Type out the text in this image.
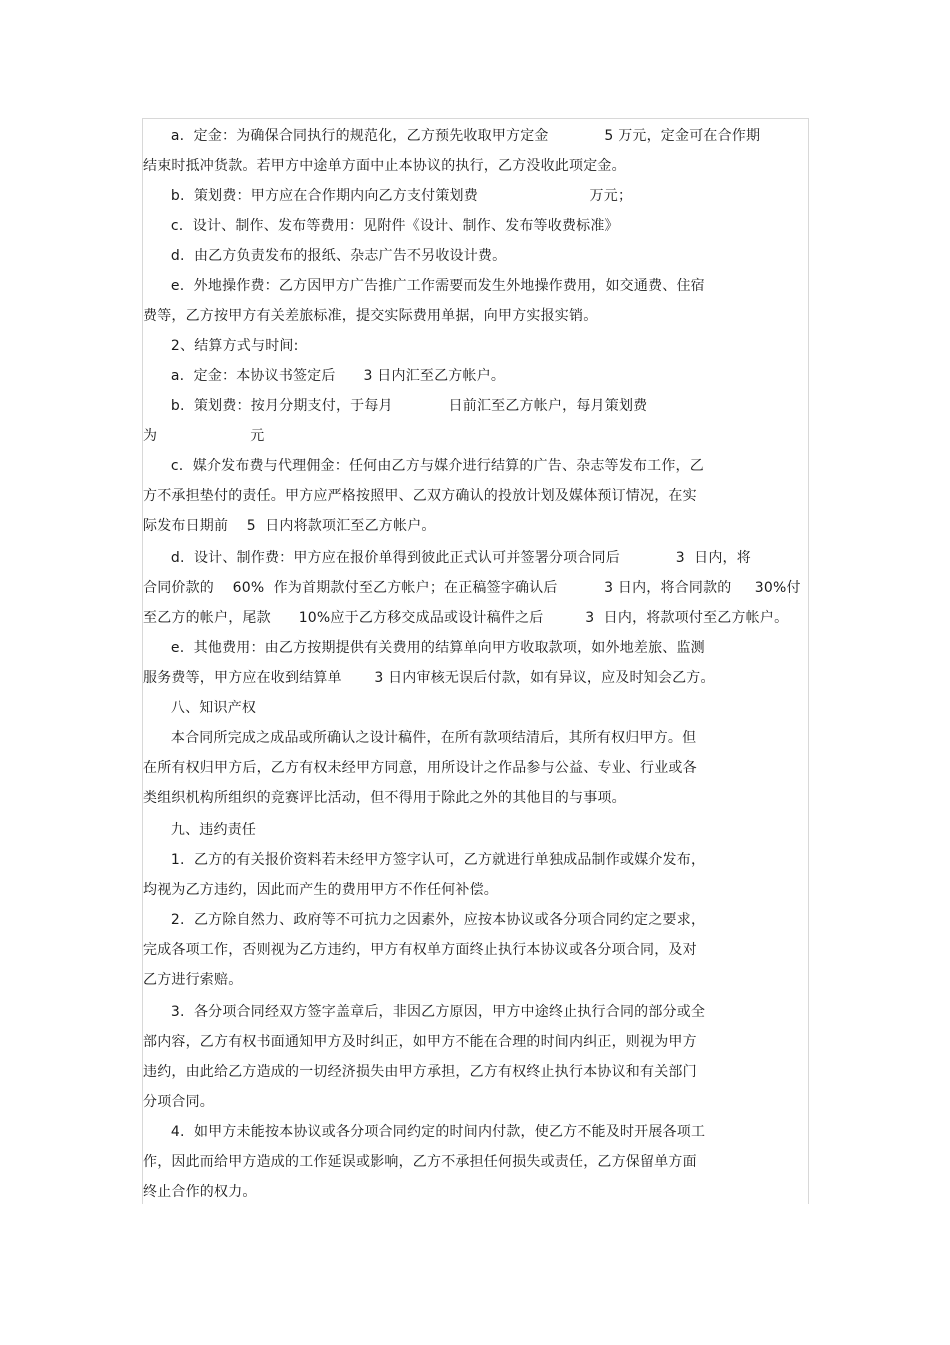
a.  定金：为确保合同执行的规范化，乙方预先收取甲方定金            5 万元，定金可在合作期
结束时抵冲货款。若甲方中途单方面中止本协议的执行，乙方没收此项定金。
b.  策划费：甲方应在合作期内向乙方支付策划费                        万元；
c.  设计、制作、发布等费用：见附件《设计、制作、发布等收费标准》
d.  由乙方负责发布的报纸、杂志广告不另收设计费。
e.  外地操作费：乙方因甲方广告推广工作需要而发生外地操作费用，如交通费、住宿
费等，乙方按甲方有关差旅标准，提交实际费用单据，向甲方实报实销。
2、结算方式与时间:
a.  定金：本协议书签定后      3 日内汇至乙方帐户。
b.  策划费：按月分期支付，于每月            日前汇至乙方帐户，每月策划费
为                    元
c.  媒介发布费与代理佣金：任何由乙方与媒介进行结算的广告、杂志等发布工作，乙
方不承担垫付的责任。甲方应严格按照甲、乙双方确认的投放计划及媒体预订情况，在实
际发布日期前    5  日内将款项汇至乙方帐户。
d.  设计、制作费：甲方应在报价单得到彼此正式认可并签署分项合同后            3  日内，将
合同价款的    60%  作为首期款付至乙方帐户；在正稿签字确认后          3 日内，将合同款的     30%付
至乙方的帐户，尾款      10%应于乙方移交成品或设计稿件之后         3  日内，将款项付至乙方帐户。
e.  其他费用：由乙方按期提供有关费用的结算单向甲方收取款项，如外地差旅、监测
服务费等，甲方应在收到结算单       3 日内审核无误后付款，如有异议，应及时知会乙方。
八、知识产权
本合同所完成之成品或所确认之设计稿件，在所有款项结清后，其所有权归甲方。但
在所有权归甲方后，乙方有权未经甲方同意，用所设计之作品参与公益、专业、行业或各
类组织机构所组织的竞赛评比活动，但不得用于除此之外的其他目的与事项。
九、违约责任
1.  乙方的有关报价资料若未经甲方签字认可，乙方就进行单独成品制作或媒介发布，
均视为乙方违约，因此而产生的费用甲方不作任何补偿。
2.  乙方除自然力、政府等不可抗力之因素外，应按本协议或各分项合同约定之要求，
完成各项工作，否则视为乙方违约，甲方有权单方面终止执行本协议或各分项合同，及对
乙方进行索赔。
3.  各分项合同经双方签字盖章后，非因乙方原因，甲方中途终止执行合同的部分或全
部内容，乙方有权书面通知甲方及时纠正，如甲方不能在合理的时间内纠正，则视为甲方
违约，由此给乙方造成的一切经济损失由甲方承担，乙方有权终止执行本协议和有关部门
分项合同。
4.  如甲方未能按本协议或各分项合同约定的时间内付款，使乙方不能及时开展各项工
作，因此而给甲方造成的工作延误或影响，乙方不承担任何损失或责任，乙方保留单方面
终止合作的权力。
